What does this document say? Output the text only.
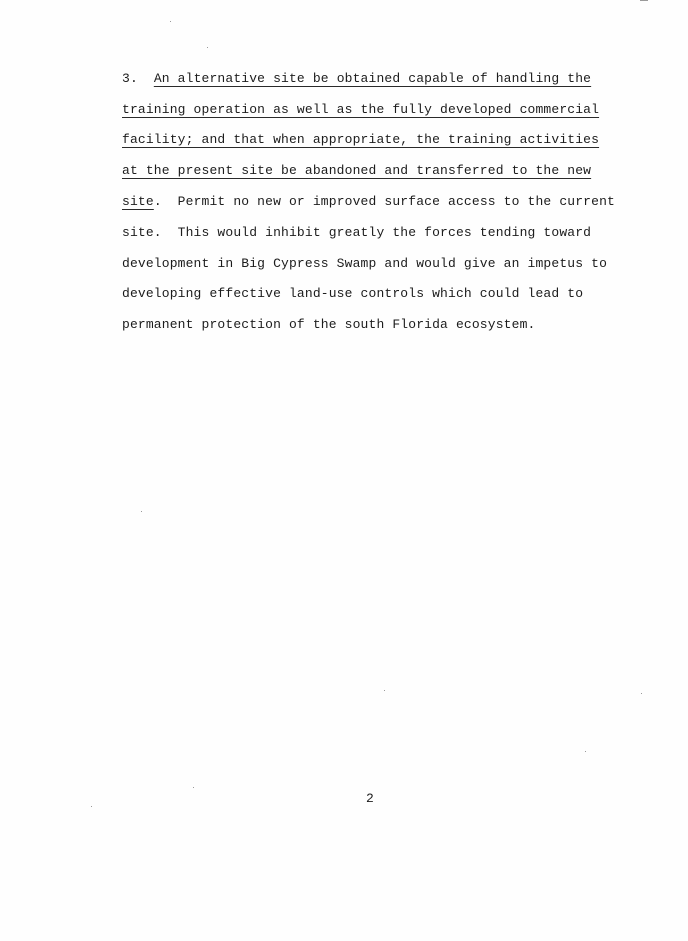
3. An alternative site be obtained capable of handling the
training operation as well as the fully developed commercial
facility; and that when appropriate, the training activities
at the present site be abandoned and transferred to the new
site.  Permit no new or improved surface access to the current
site.  This would inhibit greatly the forces tending toward
development in Big Cypress Swamp and would give an impetus to
developing effective land-use controls which could lead to
permanent protection of the south Florida ecosystem.
2
